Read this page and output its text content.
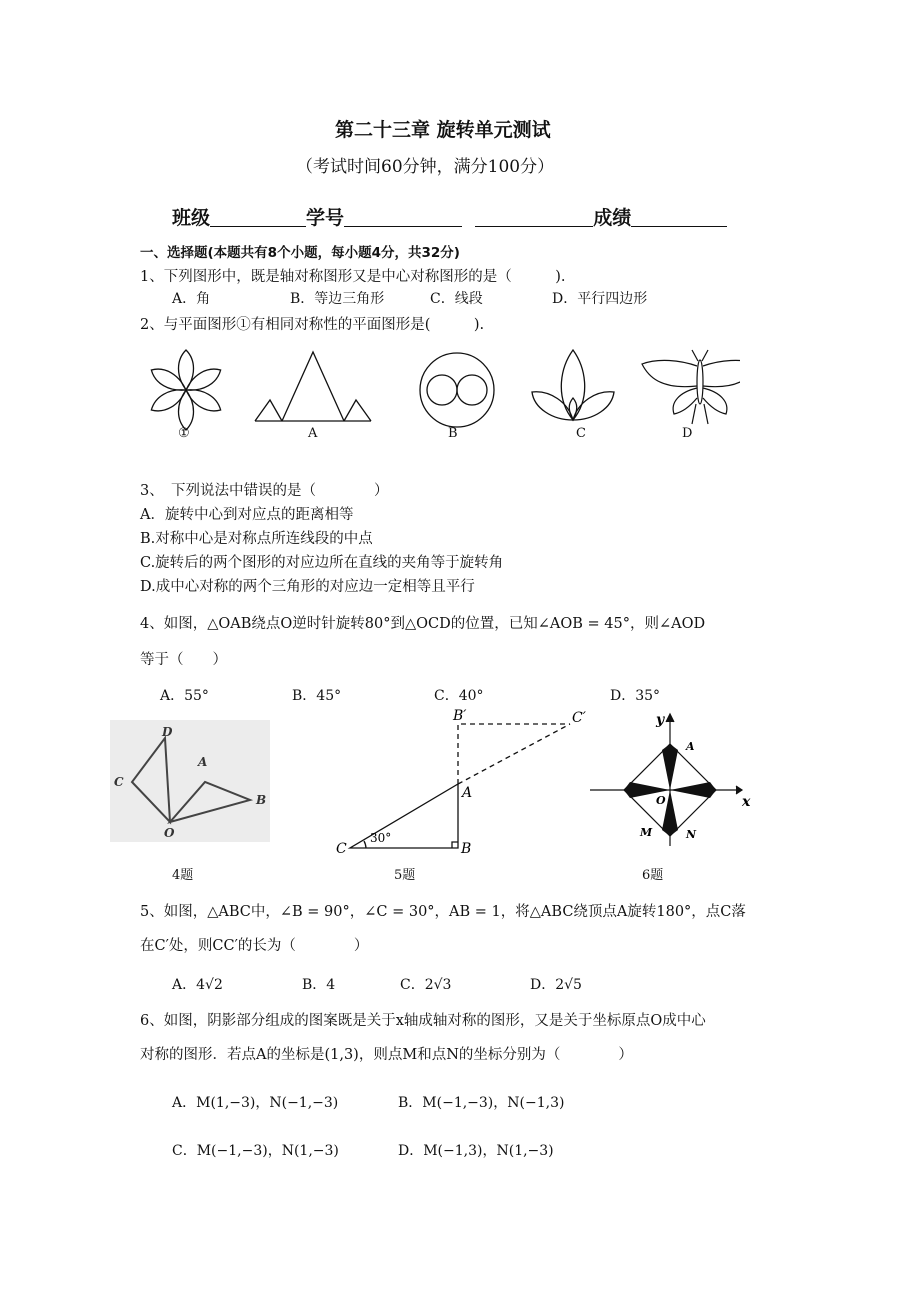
第二十三章 旋转单元测试
（考试时间60分钟，满分100分）
班级	学号	成绩
一、选择题(本题共有8个小题，每小题4分，共32分)
1、下列图形中，既是轴对称图形又是中心对称图形的是（　　　).
A．角	B．等边三角形	C．线段	D．平行四边形
2、与平面图形①有相同对称性的平面图形是(　　　).
①	A	B	C	D
3、　下列说法中错误的是（　　　　）
A．旋转中心到对应点的距离相等
B.对称中心是对称点所连线段的中点
C.旋转后的两个图形的对应边所在直线的夹角等于旋转角
D.成中心对称的两个三角形的对应边一定相等且平行
4、如图，△OAB绕点O逆时针旋转80°到△OCD的位置，已知∠AOB = 45°，则∠AOD
等于（　　）
A．55°	B．45°	C．40°	D．35°
D
C
A
B
O
4题
B′	C′
A
C	B
30°
5题
y
x
A
O
M	N
6题
5、如图，△ABC中，∠B = 90°，∠C = 30°，AB = 1，将△ABC绕顶点A旋转180°，点C落
在C′处，则CC′的长为（　　　　）
A．4√2	B．4	C．2√3	D．2√5
6、如图，阴影部分组成的图案既是关于x轴成轴对称的图形，又是关于坐标原点O成中心
对称的图形．若点A的坐标是(1,3)，则点M和点N的坐标分别为（　　　　）
A．M(1,−3)，N(−1,−3)	B．M(−1,−3)，N(−1,3)
C．M(−1,−3)，N(1,−3)	D．M(−1,3)，N(1,−3)
